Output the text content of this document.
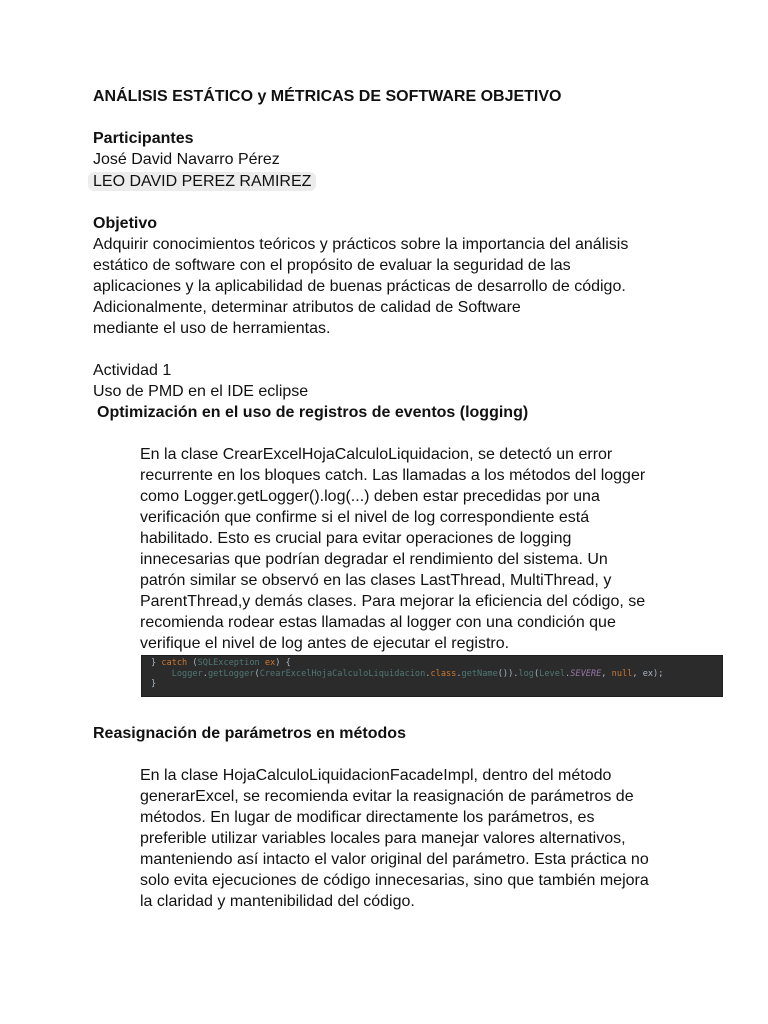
ANÁLISIS ESTÁTICO y MÉTRICAS DE SOFTWARE OBJETIVO
Participantes
José David Navarro Pérez
LEO DAVID PEREZ RAMIREZ
Objetivo
Adquirir conocimientos teóricos y prácticos sobre la importancia del análisis
estático de software con el propósito de evaluar la seguridad de las
aplicaciones y la aplicabilidad de buenas prácticas de desarrollo de código.
Adicionalmente, determinar atributos de calidad de Software
mediante el uso de herramientas.
Actividad 1
Uso de PMD en el IDE eclipse
Optimización en el uso de registros de eventos (logging)
En la clase CrearExcelHojaCalculoLiquidacion, se detectó un error
recurrente en los bloques catch. Las llamadas a los métodos del logger
como Logger.getLogger().log(...) deben estar precedidas por una
verificación que confirme si el nivel de log correspondiente está
habilitado. Esto es crucial para evitar operaciones de logging
innecesarias que podrían degradar el rendimiento del sistema. Un
patrón similar se observó en las clases LastThread, MultiThread, y
ParentThread,y demás clases. Para mejorar la eficiencia del código, se
recomienda rodear estas llamadas al logger con una condición que
verifique el nivel de log antes de ejecutar el registro.
} catch (SQLException ex) {
Logger.getLogger(CrearExcelHojaCalculoLiquidacion.class.getName()).log(Level.SEVERE, null, ex);
}
Reasignación de parámetros en métodos
En la clase HojaCalculoLiquidacionFacadeImpl, dentro del método
generarExcel, se recomienda evitar la reasignación de parámetros de
métodos. En lugar de modificar directamente los parámetros, es
preferible utilizar variables locales para manejar valores alternativos,
manteniendo así intacto el valor original del parámetro. Esta práctica no
solo evita ejecuciones de código innecesarias, sino que también mejora
la claridad y mantenibilidad del código.
